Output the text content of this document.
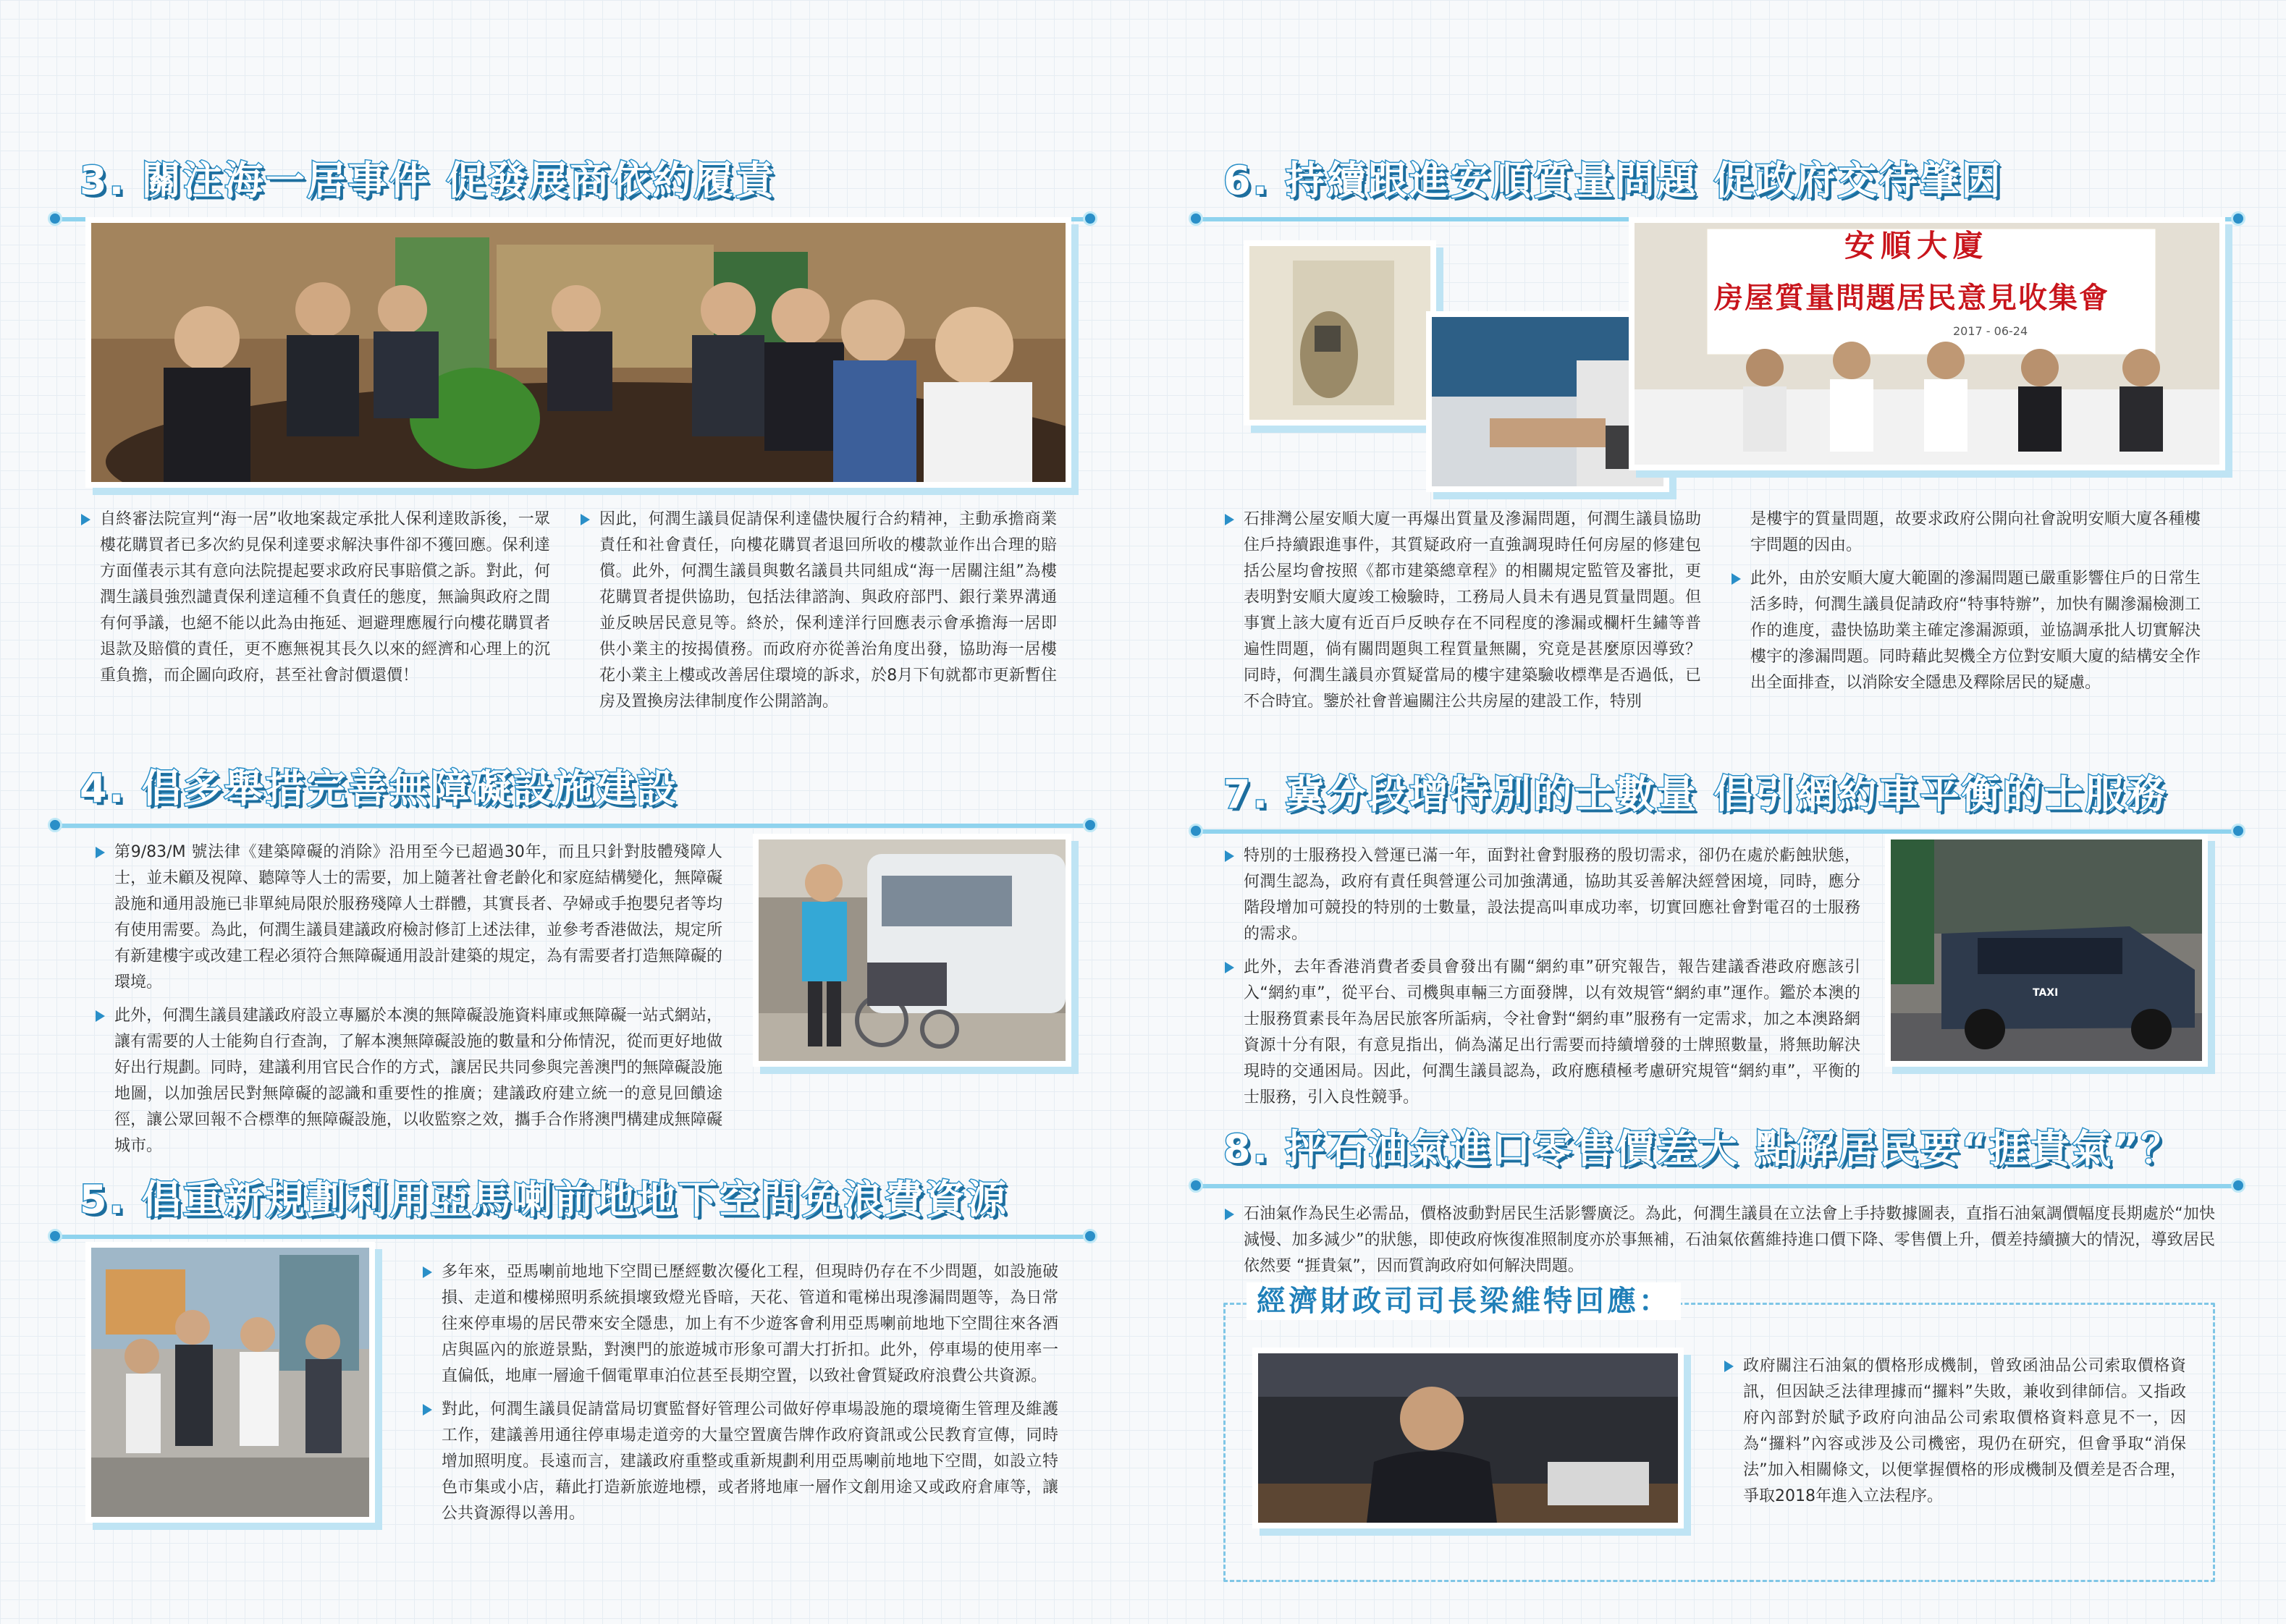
3. 關注海一居事件 促發展商依約履責
自終審法院宣判“海一居”收地案裁定承批人保利達敗訴後，一眾樓花購買者已多次約見保利達要求解決事件卻不獲回應。保利達方面僅表示其有意向法院提起要求政府民事賠償之訴。對此，何潤生議員強烈譴責保利達這種不負責任的態度，無論與政府之間有何爭議，也絕不能以此為由拖延、迴避理應履行向樓花購買者退款及賠償的責任，更不應無視其長久以來的經濟和心理上的沉重負擔，而企圖向政府，甚至社會討價還價！
因此，何潤生議員促請保利達儘快履行合約精神，主動承擔商業責任和社會責任，向樓花購買者退回所收的樓款並作出合理的賠償。此外，何潤生議員與數名議員共同組成“海一居關注組”為樓花購買者提供協助，包括法律諮詢、與政府部門、銀行業界溝通並反映居民意見等。終於，保利達洋行回應表示會承擔海一居即供小業主的按揭債務。而政府亦從善治角度出發，協助海一居樓花小業主上樓或改善居住環境的訴求，於8月下旬就都市更新暫住房及置換房法律制度作公開諮詢。
4. 倡多舉措完善無障礙設施建設
第9/83/M 號法律《建築障礙的消除》沿用至今已超過30年，而且只針對肢體殘障人士，並未顧及視障、聽障等人士的需要，加上隨著社會老齡化和家庭結構變化，無障礙設施和通用設施已非單純局限於服務殘障人士群體，其實長者、孕婦或手抱嬰兒者等均有使用需要。為此，何潤生議員建議政府檢討修訂上述法律，並參考香港做法，規定所有新建樓宇或改建工程必須符合無障礙通用設計建築的規定，為有需要者打造無障礙的環境。
此外，何潤生議員建議政府設立專屬於本澳的無障礙設施資料庫或無障礙一站式網站，讓有需要的人士能夠自行查詢，了解本澳無障礙設施的數量和分佈情況，從而更好地做好出行規劃。同時，建議利用官民合作的方式，讓居民共同參與完善澳門的無障礙設施地圖，以加強居民對無障礙的認識和重要性的推廣；建議政府建立統一的意見回饋途徑，讓公眾回報不合標準的無障礙設施，以收監察之效，攜手合作將澳門構建成無障礙城市。
5. 倡重新規劃利用亞馬喇前地地下空間免浪費資源
多年來，亞馬喇前地地下空間已歷經數次優化工程，但現時仍存在不少問題，如設施破損、走道和樓梯照明系統損壞致燈光昏暗，天花、管道和電梯出現滲漏問題等，為日常往來停車場的居民帶來安全隱患，加上有不少遊客會利用亞馬喇前地地下空間往來各酒店與區內的旅遊景點，對澳門的旅遊城市形象可謂大打折扣。此外，停車場的使用率一直偏低，地庫一層逾千個電單車泊位甚至長期空置，以致社會質疑政府浪費公共資源。
對此，何潤生議員促請當局切實監督好管理公司做好停車場設施的環境衛生管理及維護工作，建議善用通往停車場走道旁的大量空置廣告牌作政府資訊或公民教育宣傳，同時增加照明度。長遠而言，建議政府重整或重新規劃利用亞馬喇前地地下空間，如設立特色市集或小店，藉此打造新旅遊地標，或者將地庫一層作文創用途又或政府倉庫等，讓公共資源得以善用。
6. 持續跟進安順質量問題 促政府交待肇因
安順大廈
房屋質量問題居民意見收集會
2017 - 06-24
石排灣公屋安順大廈一再爆出質量及滲漏問題，何潤生議員協助住戶持續跟進事件，其質疑政府一直強調現時任何房屋的修建包括公屋均會按照《都市建築總章程》的相關規定監管及審批，更表明對安順大廈竣工檢驗時，工務局人員未有遇見質量問題。但事實上該大廈有近百戶反映存在不同程度的滲漏或欄杆生鏽等普遍性問題，倘有關問題與工程質量無關，究竟是甚麼原因導致？同時，何潤生議員亦質疑當局的樓宇建築驗收標準是否過低，已不合時宜。鑒於社會普遍關注公共房屋的建設工作，特別
是樓宇的質量問題，故要求政府公開向社會說明安順大廈各種樓宇問題的因由。
此外，由於安順大廈大範圍的滲漏問題已嚴重影響住戶的日常生活多時，何潤生議員促請政府“特事特辦”，加快有關滲漏檢測工作的進度，盡快協助業主確定滲漏源頭，並協調承批人切實解決樓宇的滲漏問題。同時藉此契機全方位對安順大廈的結構安全作出全面排查，以消除安全隱患及釋除居民的疑慮。
7. 冀分段增特別的士數量 倡引網約車平衡的士服務
特別的士服務投入營運已滿一年，面對社會對服務的殷切需求，卻仍在處於虧蝕狀態，何潤生認為，政府有責任與營運公司加強溝通，協助其妥善解決經營困境，同時，應分階段增加可競投的特別的士數量，設法提高叫車成功率，切實回應社會對電召的士服務的需求。
此外，去年香港消費者委員會發出有關“網約車”研究報告，報告建議香港政府應該引入“網約車”，從平台、司機與車輛三方面發牌，以有效規管“網約車”運作。鑑於本澳的士服務質素長年為居民旅客所詬病，令社會對“網約車”服務有一定需求，加之本澳路網資源十分有限，有意見指出，倘為滿足出行需要而持續增發的士牌照數量，將無助解決現時的交通困局。因此，何潤生議員認為，政府應積極考慮研究規管“網約車”，平衡的士服務，引入良性競爭。
TAXI
8. 抨石油氣進口零售價差大 點解居民要“捱貴氣”？
石油氣作為民生必需品，價格波動對居民生活影響廣泛。為此，何潤生議員在立法會上手持數據圖表，直指石油氣調價幅度長期處於“加快減慢、加多減少”的狀態，即使政府恢復准照制度亦於事無補，石油氣依舊維持進口價下降、零售價上升，價差持續擴大的情況，導致居民依然要 “捱貴氣”，因而質詢政府如何解決問題。
經濟財政司司長梁維特回應：
政府關注石油氣的價格形成機制，曾致函油品公司索取價格資訊，但因缺乏法律理據而“攞料”失敗，兼收到律師信。又指政府內部對於賦予政府向油品公司索取價格資料意見不一，因為“攞料”內容或涉及公司機密，現仍在研究，但會爭取“消保法”加入相關條文，以便掌握價格的形成機制及價差是否合理，爭取2018年進入立法程序。
